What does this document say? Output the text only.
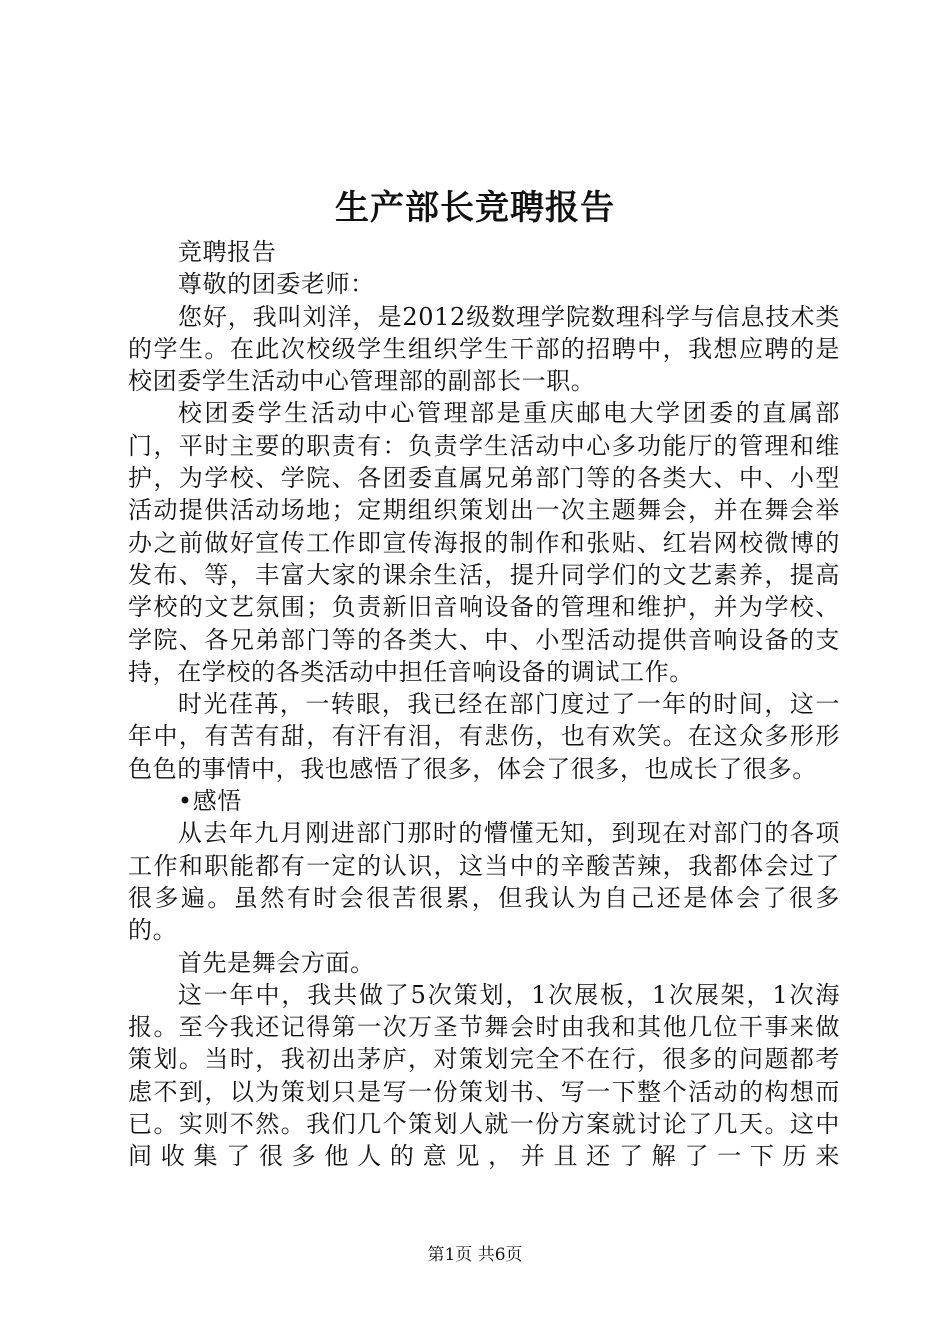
生产部长竞聘报告

竞聘报告

尊敬的团委老师：

您好，我叫刘洋，是2012级数理学院数理科学与信息技术类的学生。在此次校级学生组织学生干部的招聘中，我想应聘的是校团委学生活动中心管理部的副部长一职。

校团委学生活动中心管理部是重庆邮电大学团委的直属部门，平时主要的职责有：负责学生活动中心多功能厅的管理和维护，为学校、学院、各团委直属兄弟部门等的各类大、中、小型活动提供活动场地；定期组织策划出一次主题舞会，并在舞会举办之前做好宣传工作即宣传海报的制作和张贴、红岩网校微博的发布、等，丰富大家的课余生活，提升同学们的文艺素养，提高学校的文艺氛围；负责新旧音响设备的管理和维护，并为学校、学院、各兄弟部门等的各类大、中、小型活动提供音响设备的支持，在学校的各类活动中担任音响设备的调试工作。

时光荏苒，一转眼，我已经在部门度过了一年的时间，这一年中，有苦有甜，有汗有泪，有悲伤，也有欢笑。在这众多形形色色的事情中，我也感悟了很多，体会了很多，也成长了很多。

•感悟

从去年九月刚进部门那时的懵懂无知，到现在对部门的各项工作和职能都有一定的认识，这当中的辛酸苦辣，我都体会过了很多遍。虽然有时会很苦很累，但我认为自己还是体会了很多的。

首先是舞会方面。

这一年中，我共做了5次策划，1次展板，1次展架，1次海报。至今我还记得第一次万圣节舞会时由我和其他几位干事来做策划。当时，我初出茅庐，对策划完全不在行，很多的问题都考虑不到，以为策划只是写一份策划书、写一下整个活动的构想而已。实则不然。我们几个策划人就一份方案就讨论了几天。这中间收集了很多他人的意见，并且还了解了一下历来

第1页 共6页
